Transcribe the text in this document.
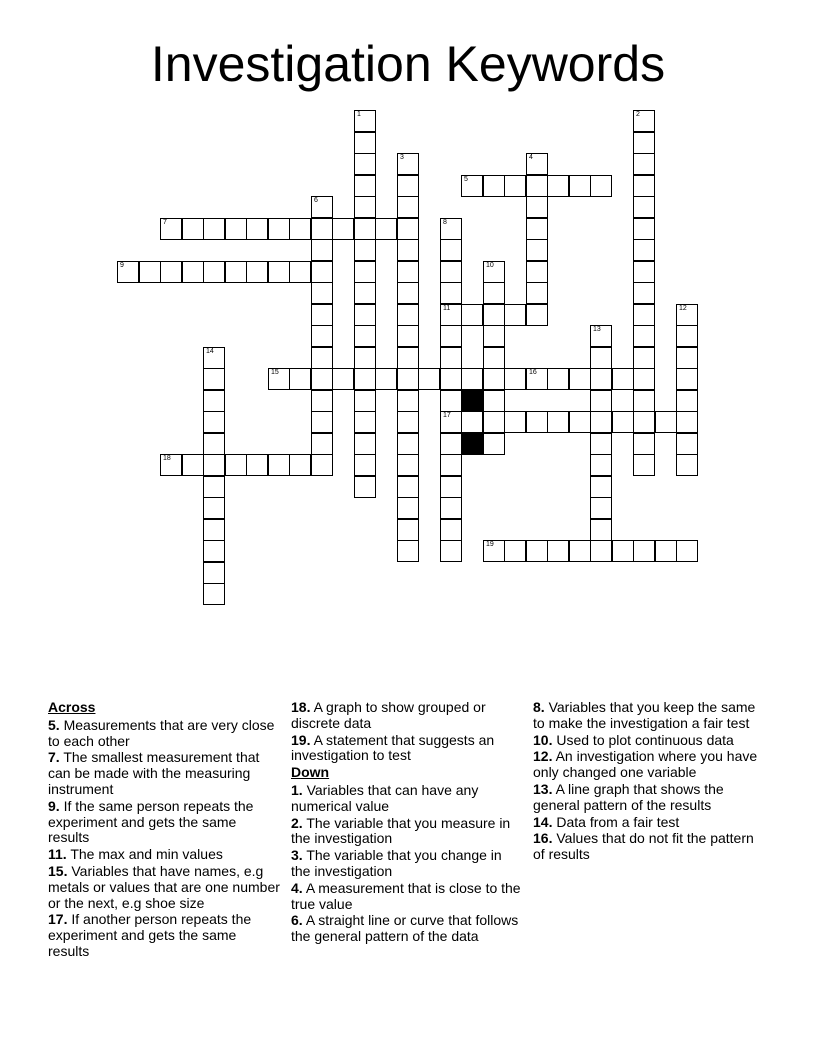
Investigation Keywords
1	2
3	4
5
6
7	8
11
17
9	10
12
13
14
15	16
18
19
Across
5. Measurements that are very close to each other
7. The smallest measurement that can be made with the measuring instrument
9. If the same person repeats the experiment and gets the same results
11. The max and min values
15. Variables that have names, e.g metals or values that are one number or the next, e.g shoe size
17. If another person repeats the experiment and gets the same results
18. A graph to show grouped or discrete data
19. A statement that suggests an investigation to test
Down
1. Variables that can have any numerical value
2. The variable that you measure in the investigation
3. The variable that you change in the investigation
4. A measurement that is close to the true value
6. A straight line or curve that follows the general pattern of the data
8. Variables that you keep the same to make the investigation a fair test
10. Used to plot continuous data
12. An investigation where you have only changed one variable
13. A line graph that shows the general pattern of the results
14. Data from a fair test
16. Values that do not fit the pattern of results
